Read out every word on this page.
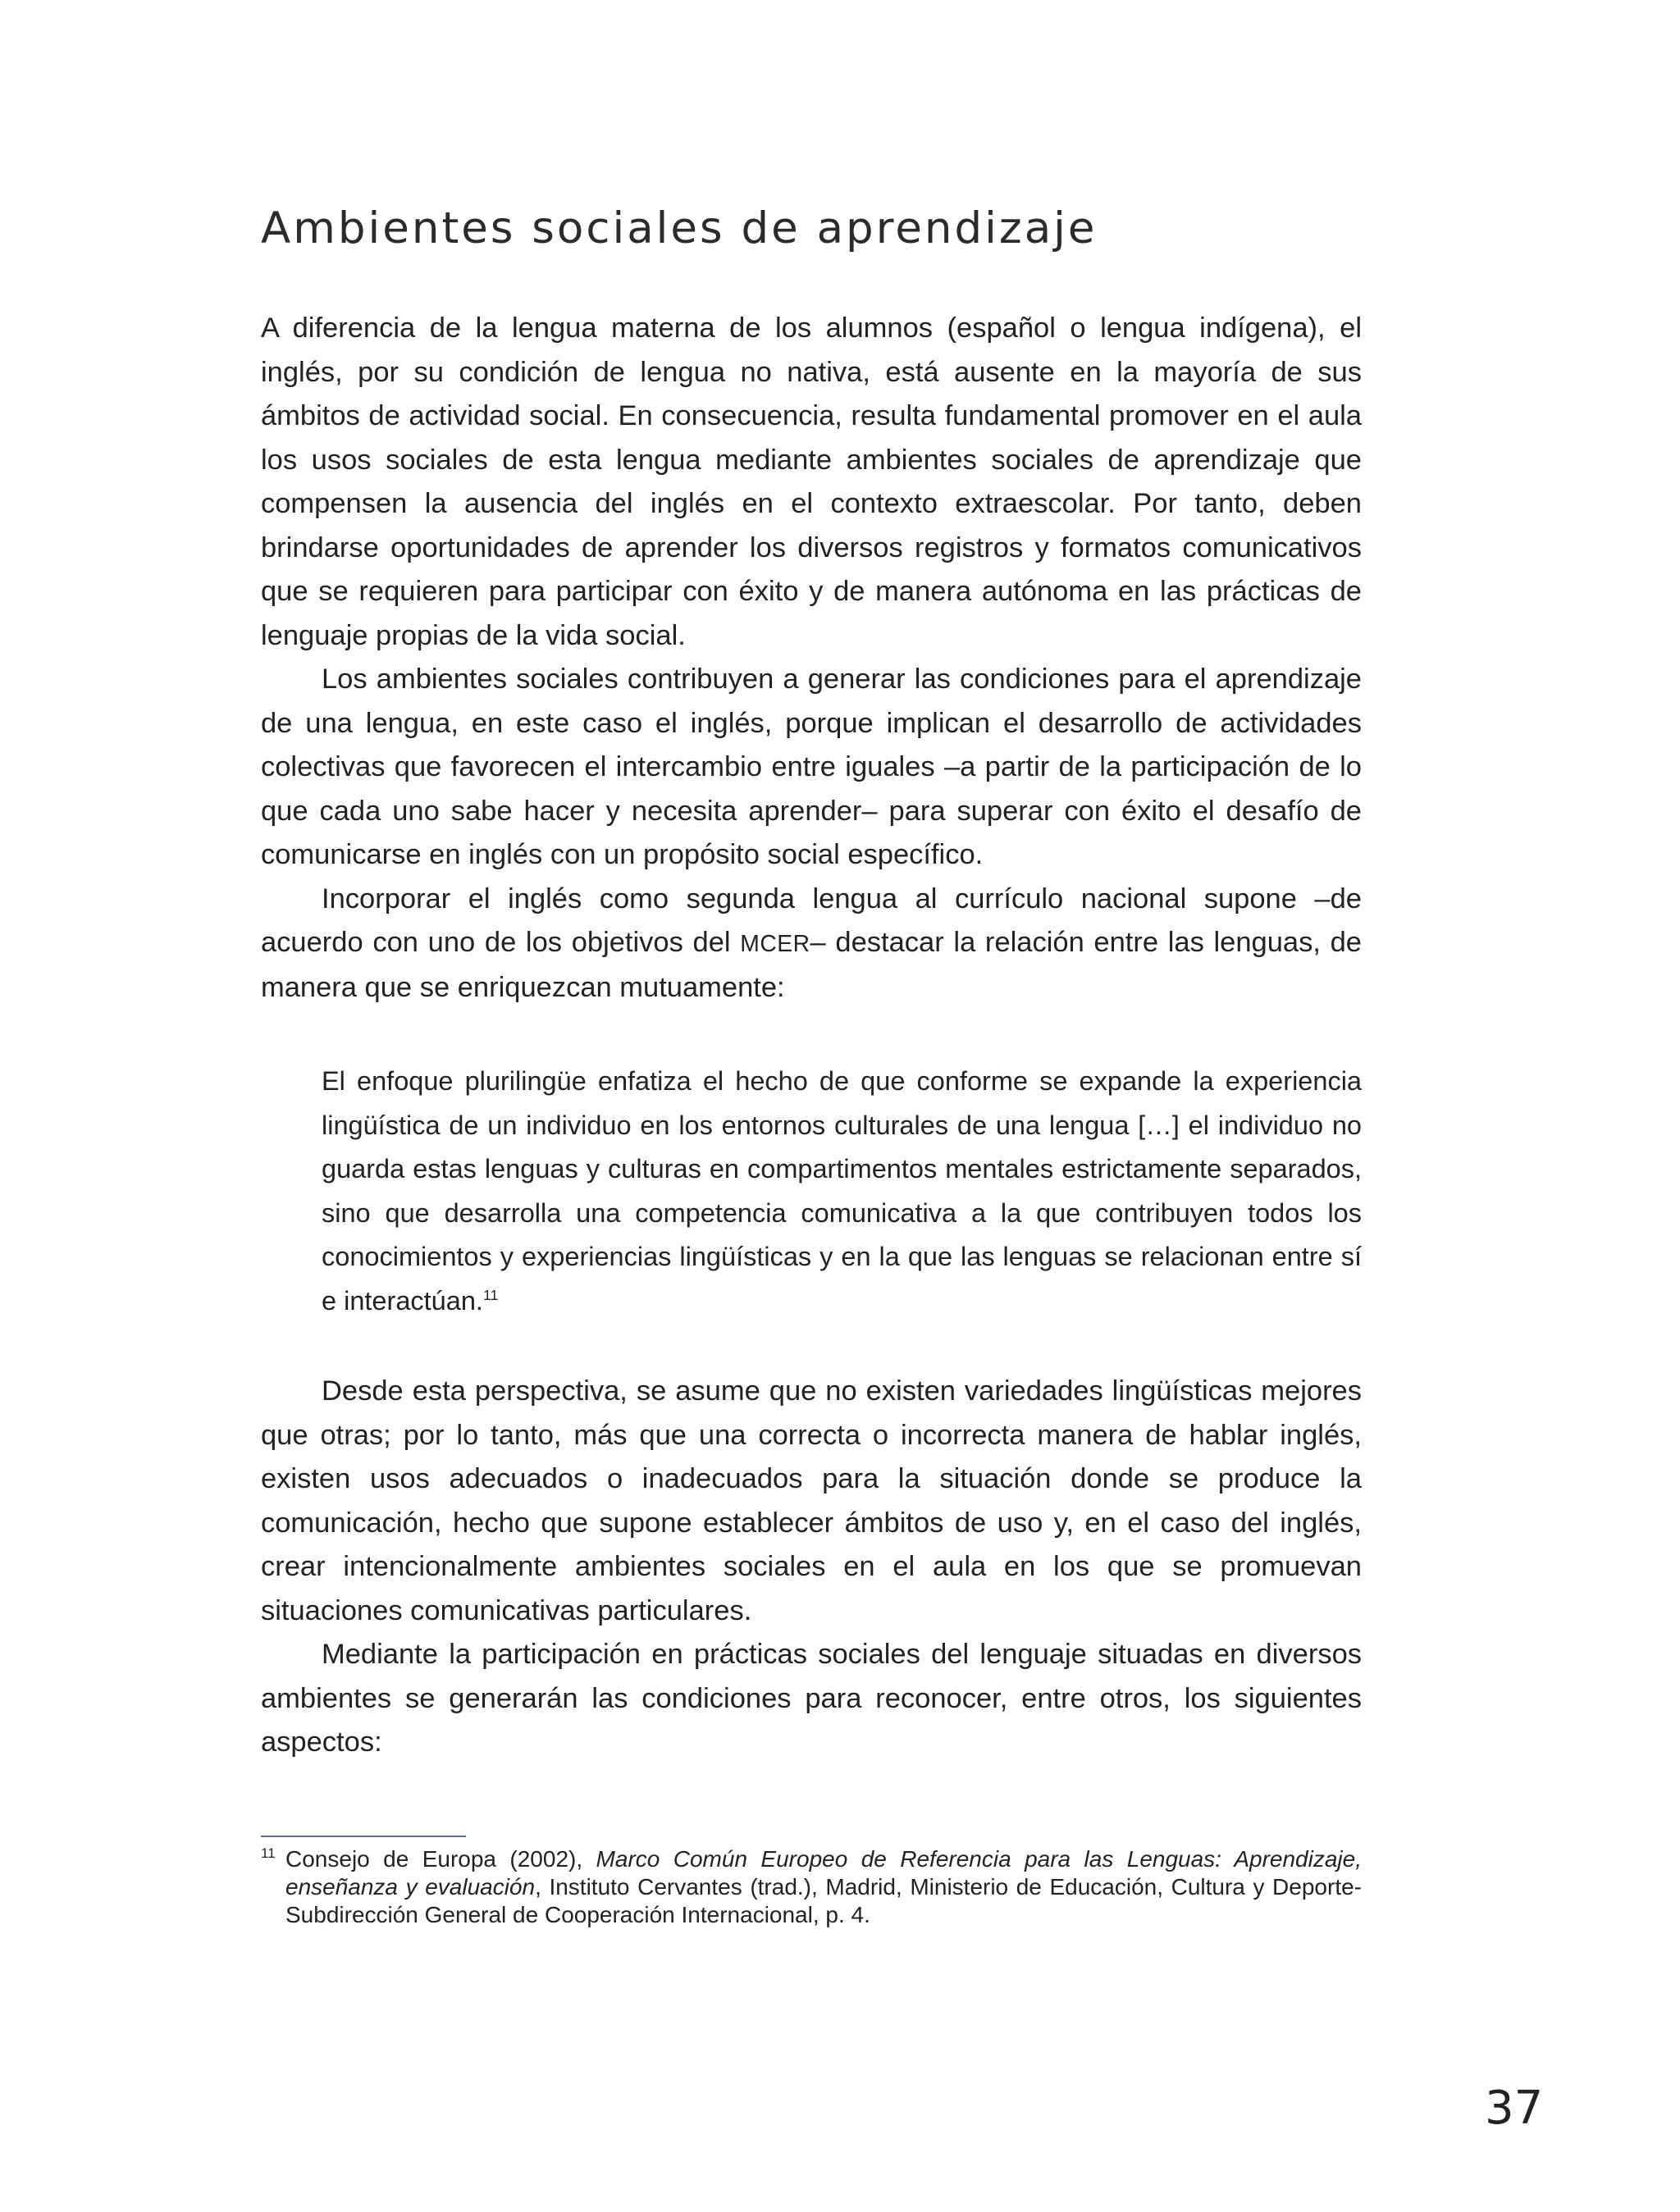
Ambientes sociales de aprendizaje

A diferencia de la lengua materna de los alumnos (español o lengua indígena), el inglés, por su condición de lengua no nativa, está ausente en la mayoría de sus ámbitos de actividad social. En consecuencia, resulta fundamental promover en el aula los usos sociales de esta lengua mediante ambientes sociales de aprendizaje que compensen la ausencia del inglés en el contexto extraescolar. Por tanto, deben brindarse oportunidades de aprender los diversos registros y formatos comunicativos que se requieren para participar con éxito y de manera autónoma en las prácticas de lenguaje propias de la vida social.

Los ambientes sociales contribuyen a generar las condiciones para el aprendizaje de una lengua, en este caso el inglés, porque implican el desarrollo de actividades colectivas que favorecen el intercambio entre iguales –a partir de la participación de lo que cada uno sabe hacer y necesita aprender– para superar con éxito el desafío de comunicarse en inglés con un propósito social específico.

Incorporar el inglés como segunda lengua al currículo nacional supone –de acuerdo con uno de los objetivos del MCER– destacar la relación entre las lenguas, de manera que se enriquezcan mutuamente:

El enfoque plurilingüe enfatiza el hecho de que conforme se expande la experiencia lingüística de un individuo en los entornos culturales de una lengua […] el individuo no guarda estas lenguas y culturas en compartimentos mentales estrictamente separados, sino que desarrolla una competencia comunicativa a la que contribuyen todos los conocimientos y experiencias lingüísticas y en la que las lenguas se relacionan entre sí e interactúan.$^{11}$

Desde esta perspectiva, se asume que no existen variedades lingüísticas mejores que otras; por lo tanto, más que una correcta o incorrecta manera de hablar inglés, existen usos adecuados o inadecuados para la situación donde se produce la comunicación, hecho que supone establecer ámbitos de uso y, en el caso del inglés, crear intencionalmente ambientes sociales en el aula en los que se promuevan situaciones comunicativas particulares.

Mediante la participación en prácticas sociales del lenguaje situadas en diversos ambientes se generarán las condiciones para reconocer, entre otros, los siguientes aspectos:

11 Consejo de Europa (2002), Marco Común Europeo de Referencia para las Lenguas: Aprendizaje, enseñanza y evaluación, Instituto Cervantes (trad.), Madrid, Ministerio de Educación, Cultura y Deporte-Subdirección General de Cooperación Internacional, p. 4.
37
